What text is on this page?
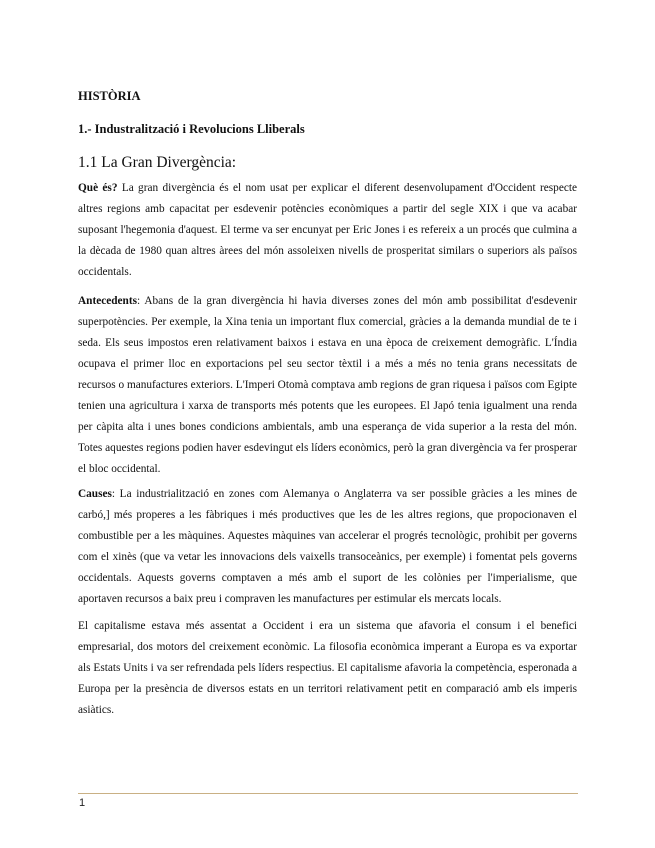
HISTÒRIA
1.- Industralització i Revolucions Lliberals
1.1 La Gran Divergència:

Què és? La gran divergència és el nom usat per explicar el diferent desenvolupament d'Occident respecte altres regions amb capacitat per esdevenir potències econòmiques a partir del segle XIX i que va acabar suposant l'hegemonia d'aquest. El terme va ser encunyat per Eric Jones i es refereix a un procés que culmina a la dècada de 1980 quan altres àrees del món assoleixen nivells de prosperitat similars o superiors als països occidentals.

Antecedents: Abans de la gran divergència hi havia diverses zones del món amb possibilitat d'esdevenir superpotències. Per exemple, la Xina tenia un important flux comercial, gràcies a la demanda mundial de te i seda. Els seus impostos eren relativament baixos i estava en una època de creixement demogràfic. L'Índia ocupava el primer lloc en exportacions pel seu sector tèxtil i a més a més no tenia grans necessitats de recursos o manufactures exteriors. L'Imperi Otomà comptava amb regions de gran riquesa i països com Egipte tenien una agricultura i xarxa de transports més potents que les europees. El Japó tenia igualment una renda per càpita alta i unes bones condicions ambientals, amb una esperança de vida superior a la resta del món. Totes aquestes regions podien haver esdevingut els líders econòmics, però la gran divergència va fer prosperar el bloc occidental.

Causes: La industrialització en zones com Alemanya o Anglaterra va ser possible gràcies a les mines de carbó,] més properes a les fàbriques i més productives que les de les altres regions, que propocionaven el combustible per a les màquines. Aquestes màquines van accelerar el progrés tecnològic, prohibit per governs com el xinès (que va vetar les innovacions dels vaixells transoceànics, per exemple) i fomentat pels governs occidentals. Aquests governs comptaven a més amb el suport de les colònies per l'imperialisme, que aportaven recursos a baix preu i compraven les manufactures per estimular els mercats locals.

El capitalisme estava més assentat a Occident i era un sistema que afavoria el consum i el benefici empresarial, dos motors del creixement econòmic. La filosofia econòmica imperant a Europa es va exportar als Estats Units i va ser refrendada pels líders respectius. El capitalisme afavoria la competència, esperonada a Europa per la presència de diversos estats en un territori relativament petit en comparació amb els imperis asiàtics.

1
